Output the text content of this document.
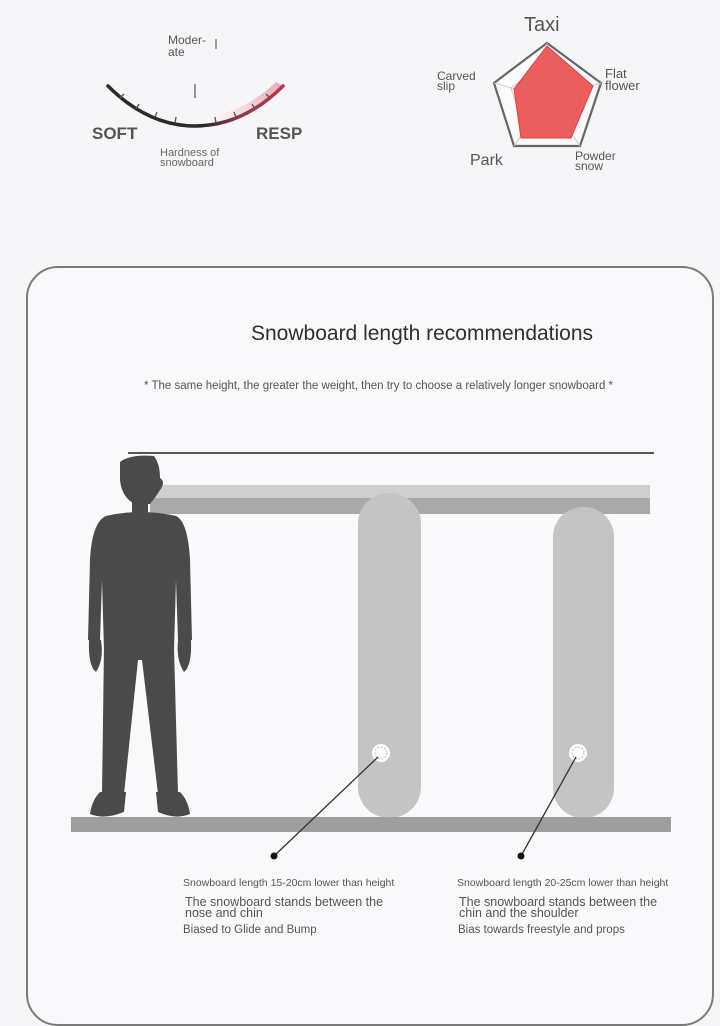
Moder-
ate
SOFT	RESP
Hardness of
snowboard
Taxi
Flat
flower
Carved
slip
Park	Powder
snow
Snowboard length recommendations
* The same height, the greater the weight, then try to choose a relatively longer snowboard *
Snowboard length 15-20cm lower than height
The snowboard stands between the
nose and chin
Biased to Glide and Bump
Snowboard length 20-25cm lower than height
The snowboard stands between the
chin and the shoulder
Bias towards freestyle and props
